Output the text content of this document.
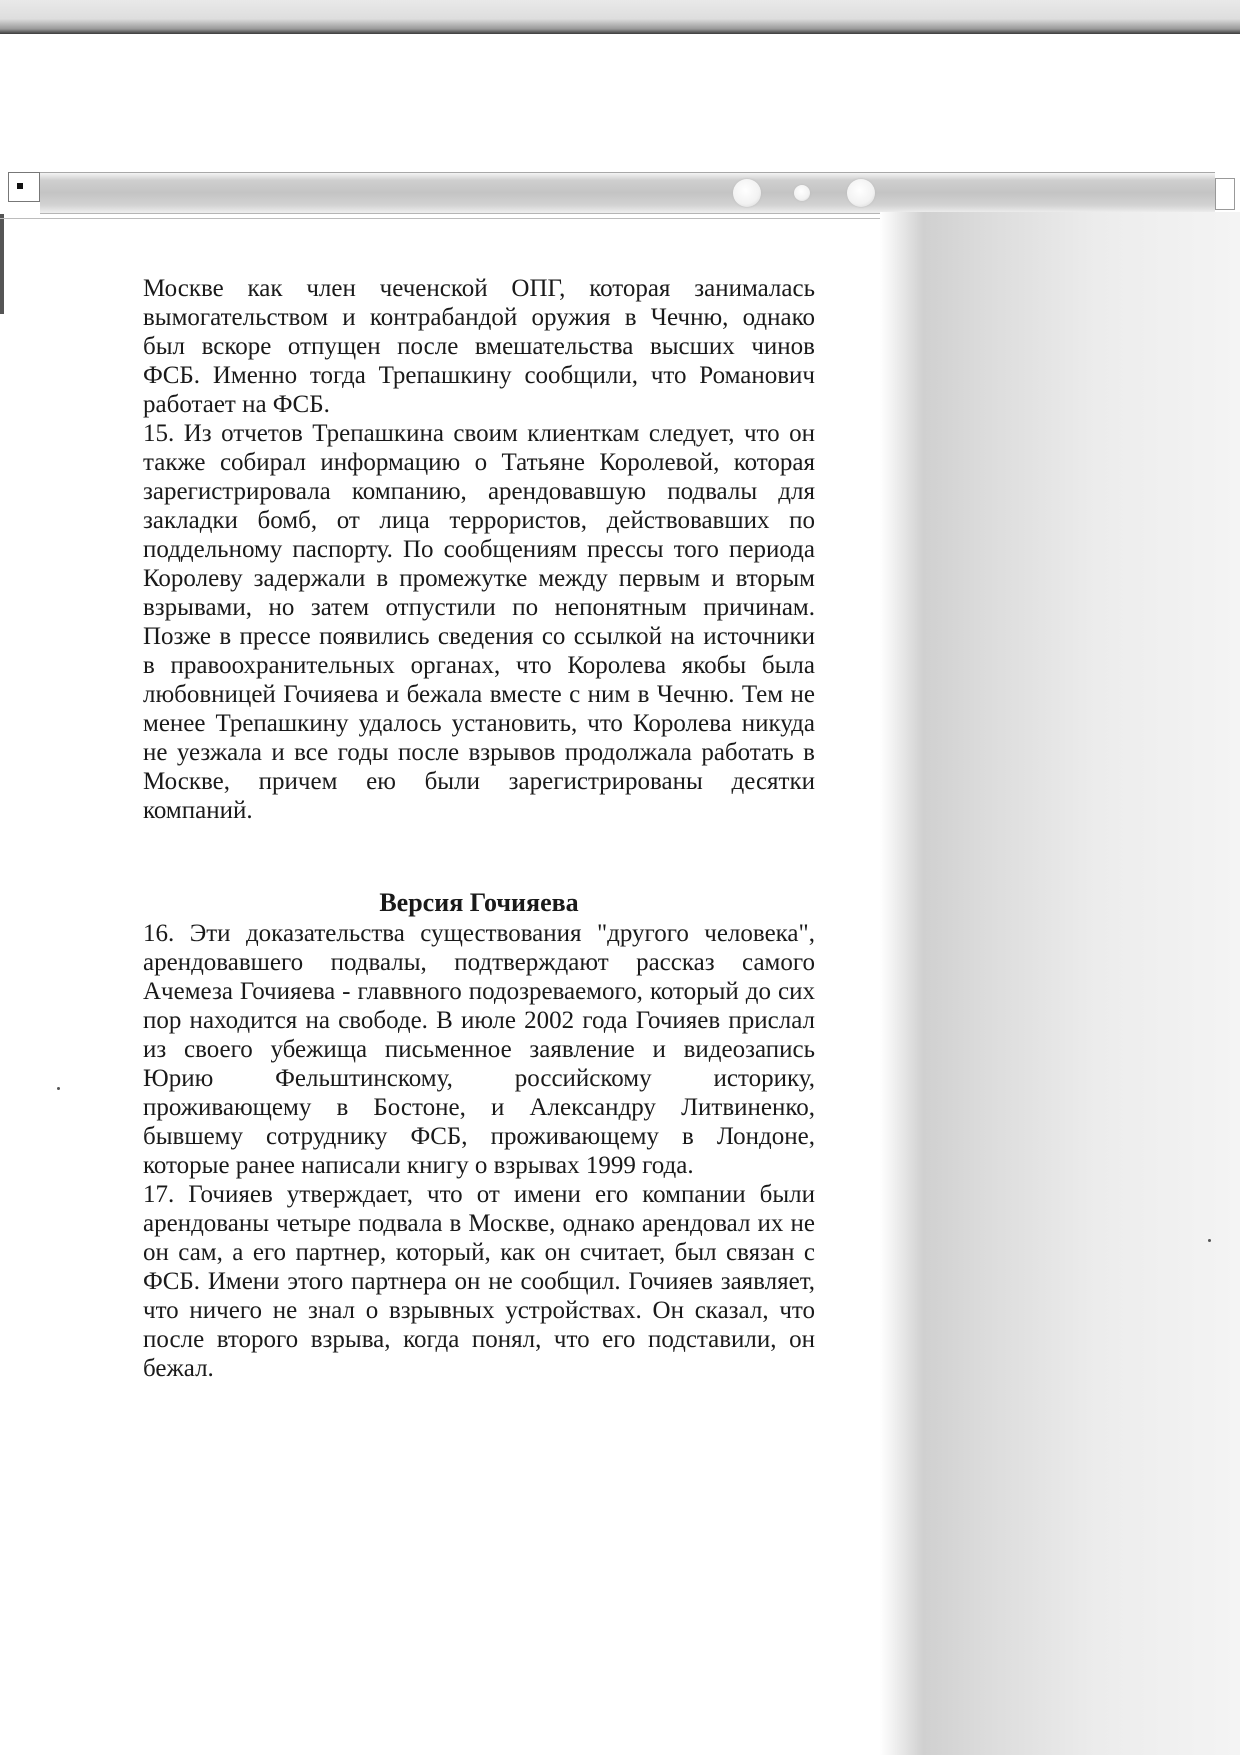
Москве как член чеченской ОПГ, которая занималась вымогательством и контрабандой оружия в Чечню, однако был вскоре отпущен после вмешательства высших чинов ФСБ. Именно тогда Трепашкину сообщили, что Романович работает на ФСБ.

15. Из отчетов Трепашкина своим клиенткам следует, что он также собирал информацию о Татьяне Королевой, которая зарегистрировала компанию, арендовавшую подвалы для закладки бомб, от лица террористов, действовавших по поддельному паспорту. По сообщениям прессы того периода Королеву задержали в промежутке между первым и вторым взрывами, но затем отпустили по непонятным причинам. Позже в прессе появились сведения со ссылкой на источники в правоохранительных органах, что Королева якобы была любовницей Гочияева и бежала вместе с ним в Чечню. Тем не менее Трепашкину удалось установить, что Королева никуда не уезжала и все годы после взрывов продолжала работать в Москве, причем ею были зарегистрированы десятки компаний.

Версия Гочияева

16. Эти доказательства существования "другого человека", арендовавшего подвалы, подтверждают рассказ самого Ачемеза Гочияева - главвного подозреваемого, который до сих пор находится на свободе. В июле 2002 года Гочияев прислал из своего убежища письменное заявление и видеозапись Юрию Фельштинскому, российскому историку, проживающему в Бостоне, и Александру Литвиненко, бывшему сотруднику ФСБ, проживающему в Лондоне, которые ранее написали книгу о взрывах 1999 года.

17. Гочияев утверждает, что от имени его компании были арендованы четыре подвала в Москве, однако арендовал их не он сам, а его партнер, который, как он считает, был связан с ФСБ. Имени этого партнера он не сообщил. Гочияев заявляет, что ничего не знал о взрывных устройствах. Он сказал, что после второго взрыва, когда понял, что его подставили, он бежал.
